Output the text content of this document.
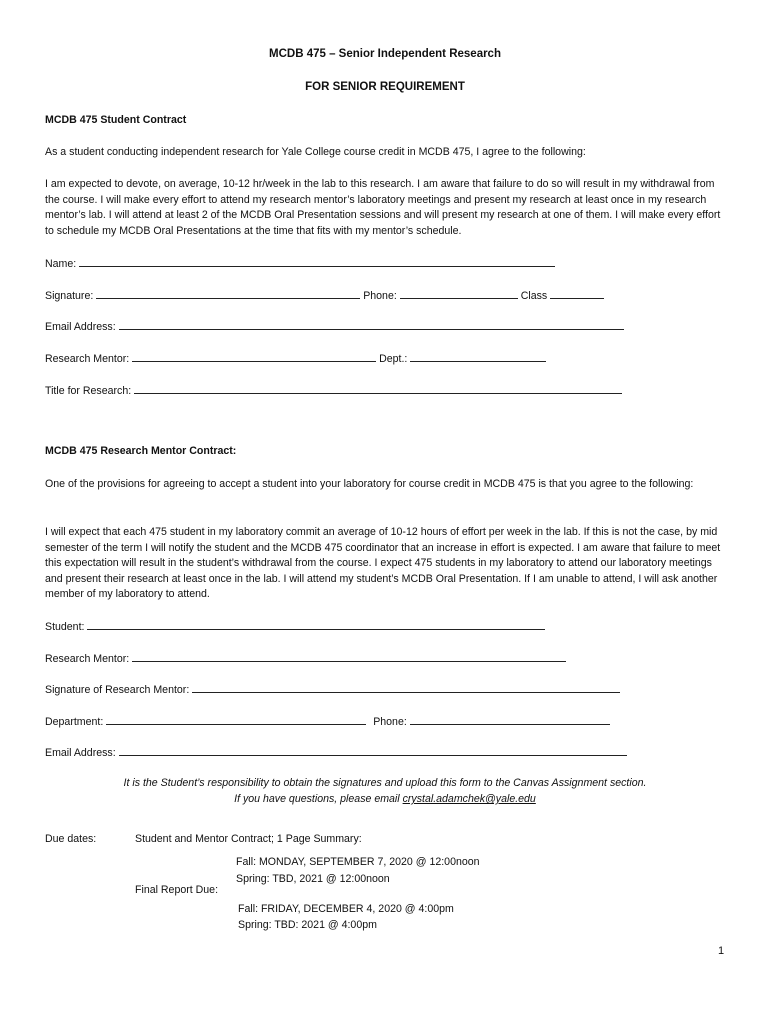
MCDB 475 – Senior Independent Research
FOR SENIOR REQUIREMENT
MCDB 475 Student Contract
As a student conducting independent research for Yale College course credit in MCDB 475, I agree to the following:
I am expected to devote, on average, 10-12 hr/week in the lab to this research. I am aware that failure to do so will result in my withdrawal from the course. I will make every effort to attend my research mentor’s laboratory meetings and present my research at least once in my research mentor’s lab. I will attend at least 2 of the MCDB Oral Presentation sessions and will present my research at one of them. I will make every effort to schedule my MCDB Oral Presentations at the time that fits with my mentor’s schedule.
Name:
Signature:	Phone:	Class
Email Address:
Research Mentor:	Dept.:
Title for Research:
MCDB 475 Research Mentor Contract:
One of the provisions for agreeing to accept a student into your laboratory for course credit in MCDB 475 is that you agree to the following:
I will expect that each 475 student in my laboratory commit an average of 10-12 hours of effort per week in the lab. If this is not the case, by mid semester of the term I will notify the student and the MCDB 475 coordinator that an increase in effort is expected. I am aware that failure to meet this expectation will result in the student’s withdrawal from the course. I expect 475 students in my laboratory to attend our laboratory meetings and present their research at least once in the lab. I will attend my student’s MCDB Oral Presentation. If I am unable to attend, I will ask another member of my laboratory to attend.
Student:
Research Mentor:
Signature of Research Mentor:
Department:	Phone:
Email Address:
It is the Student’s responsibility to obtain the signatures and upload this form to the Canvas Assignment section.
If you have questions, please email crystal.adamchek@yale.edu
Due dates:	Student and Mentor Contract; 1 Page Summary:
Fall: MONDAY, SEPTEMBER 7, 2020 @ 12:00noon
Spring: TBD, 2021 @ 12:00noon
Final Report Due:
Fall: FRIDAY, DECEMBER 4, 2020 @ 4:00pm
Spring: TBD: 2021 @ 4:00pm
1
